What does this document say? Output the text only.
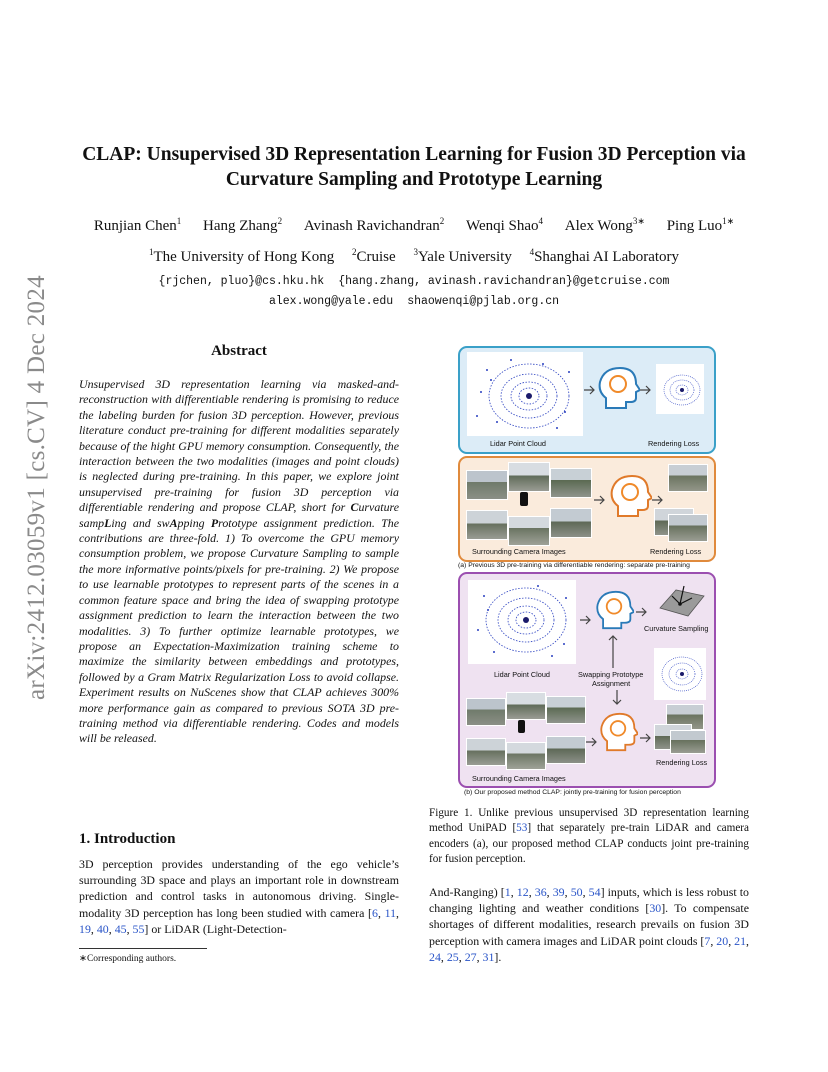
arXiv:2412.03059v1 [cs.CV] 4 Dec 2024
CLAP: Unsupervised 3D Representation Learning for Fusion 3D Perception via
Curvature Sampling and Prototype Learning
Runjian Chen$^1$ Hang Zhang$^2$ Avinash Ravichandran$^2$ Wenqi Shao$^4$ Alex Wong$^{3∗}$ Ping Luo$^{1∗}$
$^1$The University of Hong Kong $^2$Cruise $^3$Yale University $^4$Shanghai AI Laboratory
{rjchen, pluo}@cs.hku.hk {hang.zhang, avinash.ravichandran}@getcruise.com
alex.wong@yale.edu shaowenqi@pjlab.org.cn
Abstract
Unsupervised 3D representation learning via masked-and-reconstruction with differentiable rendering is promising to reduce the labeling burden for fusion 3D perception. However, previous literature conduct pre-training for different modalities separately because of the hight GPU memory consumption. Consequently, the interaction between the two modalities (images and point clouds) is neglected during pre-training. In this paper, we explore joint unsupervised pre-training for fusion 3D perception via differentiable rendering and propose CLAP, short for Curvature sampLing and swApping Prototype assignment prediction. The contributions are three-fold. 1) To overcome the GPU memory consumption problem, we propose Curvature Sampling to sample the more informative points/pixels for pre-training. 2) We propose to use learnable prototypes to represent parts of the scenes in a common feature space and bring the idea of swapping prototype assignment prediction to learn the interaction between the two modalities. 3) To further optimize learnable prototypes, we propose an Expectation-Maximization training scheme to maximize the similarity between embeddings and prototypes, followed by a Gram Matrix Regularization Loss to avoid collapse. Experiment results on NuScenes show that CLAP achieves 300% more performance gain as compared to previous SOTA 3D pre-training method via differentiable rendering. Codes and models will be released.
1. Introduction
3D perception provides understanding of the ego vehicle’s surrounding 3D space and plays an important role in downstream prediction and control tasks in autonomous driving. Single-modality 3D perception has long been studied with camera [6, 11, 19, 40, 45, 55] or LiDAR (Light-Detection-
∗Corresponding authors.
Lidar Point Cloud	Rendering Loss
Surrounding Camera Images	Rendering Loss
(a) Previous 3D pre-training via differentiable rendering: separate pre-training
Lidar Point Cloud
Curvature Sampling
Swapping Prototype
Assignment
Surrounding Camera Images
Rendering Loss
(b) Our proposed method CLAP: jointly pre-training for fusion perception
Figure 1. Unlike previous unsupervised 3D representation learning method UniPAD [53] that separately pre-train LiDAR and camera encoders (a), our proposed method CLAP conducts joint pre-training for fusion perception.
And-Ranging) [1, 12, 36, 39, 50, 54] inputs, which is less robust to changing lighting and weather conditions [30]. To compensate shortages of different modalities, research prevails on fusion 3D perception with camera images and LiDAR point clouds [7, 20, 21, 24, 25, 27, 31].
